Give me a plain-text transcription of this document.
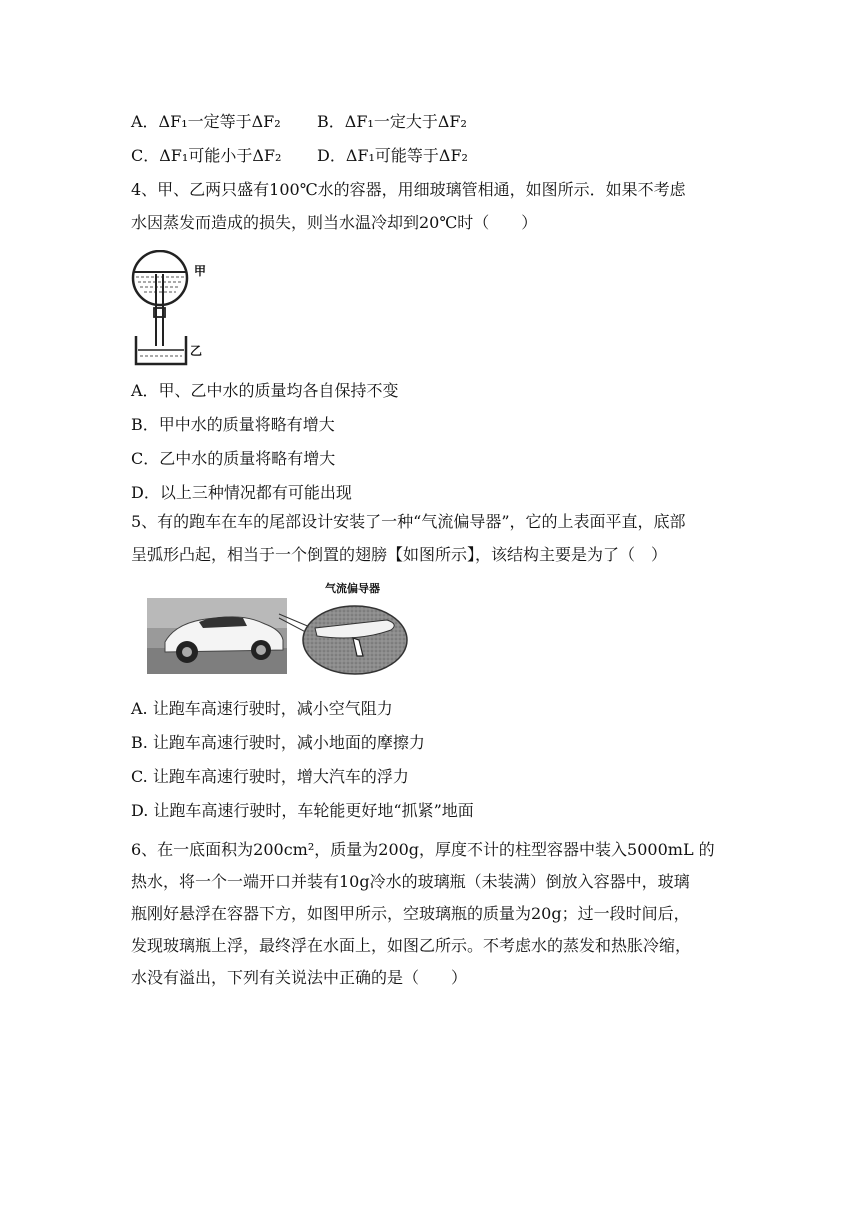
A．ΔF₁一定等于ΔF₂ B．ΔF₁一定大于ΔF₂
C．ΔF₁可能小于ΔF₂ D．ΔF₁可能等于ΔF₂
4、甲、乙两只盛有100℃水的容器，用细玻璃管相通，如图所示．如果不考虑
水因蒸发而造成的损失，则当水温冷却到20℃时（　　）
甲
乙
A．甲、乙中水的质量均各自保持不变
B．甲中水的质量将略有增大
C．乙中水的质量将略有增大
D．以上三种情况都有可能出现
5、有的跑车在车的尾部设计安装了一种“气流偏导器”，它的上表面平直，底部
呈弧形凸起，相当于一个倒置的翅膀【如图所示】，该结构主要是为了（　）
气流偏导器
A. 让跑车高速行驶时，减小空气阻力
B. 让跑车高速行驶时，减小地面的摩擦力
C. 让跑车高速行驶时，增大汽车的浮力
D. 让跑车高速行驶时，车轮能更好地“抓紧”地面
6、在一底面积为200cm²，质量为200g，厚度不计的柱型容器中装入5000mL 的
热水，将一个一端开口并装有10g冷水的玻璃瓶（未装满）倒放入容器中，玻璃
瓶刚好悬浮在容器下方，如图甲所示，空玻璃瓶的质量为20g；过一段时间后，
发现玻璃瓶上浮，最终浮在水面上，如图乙所示。不考虑水的蒸发和热胀冷缩，
水没有溢出，下列有关说法中正确的是（　　）
